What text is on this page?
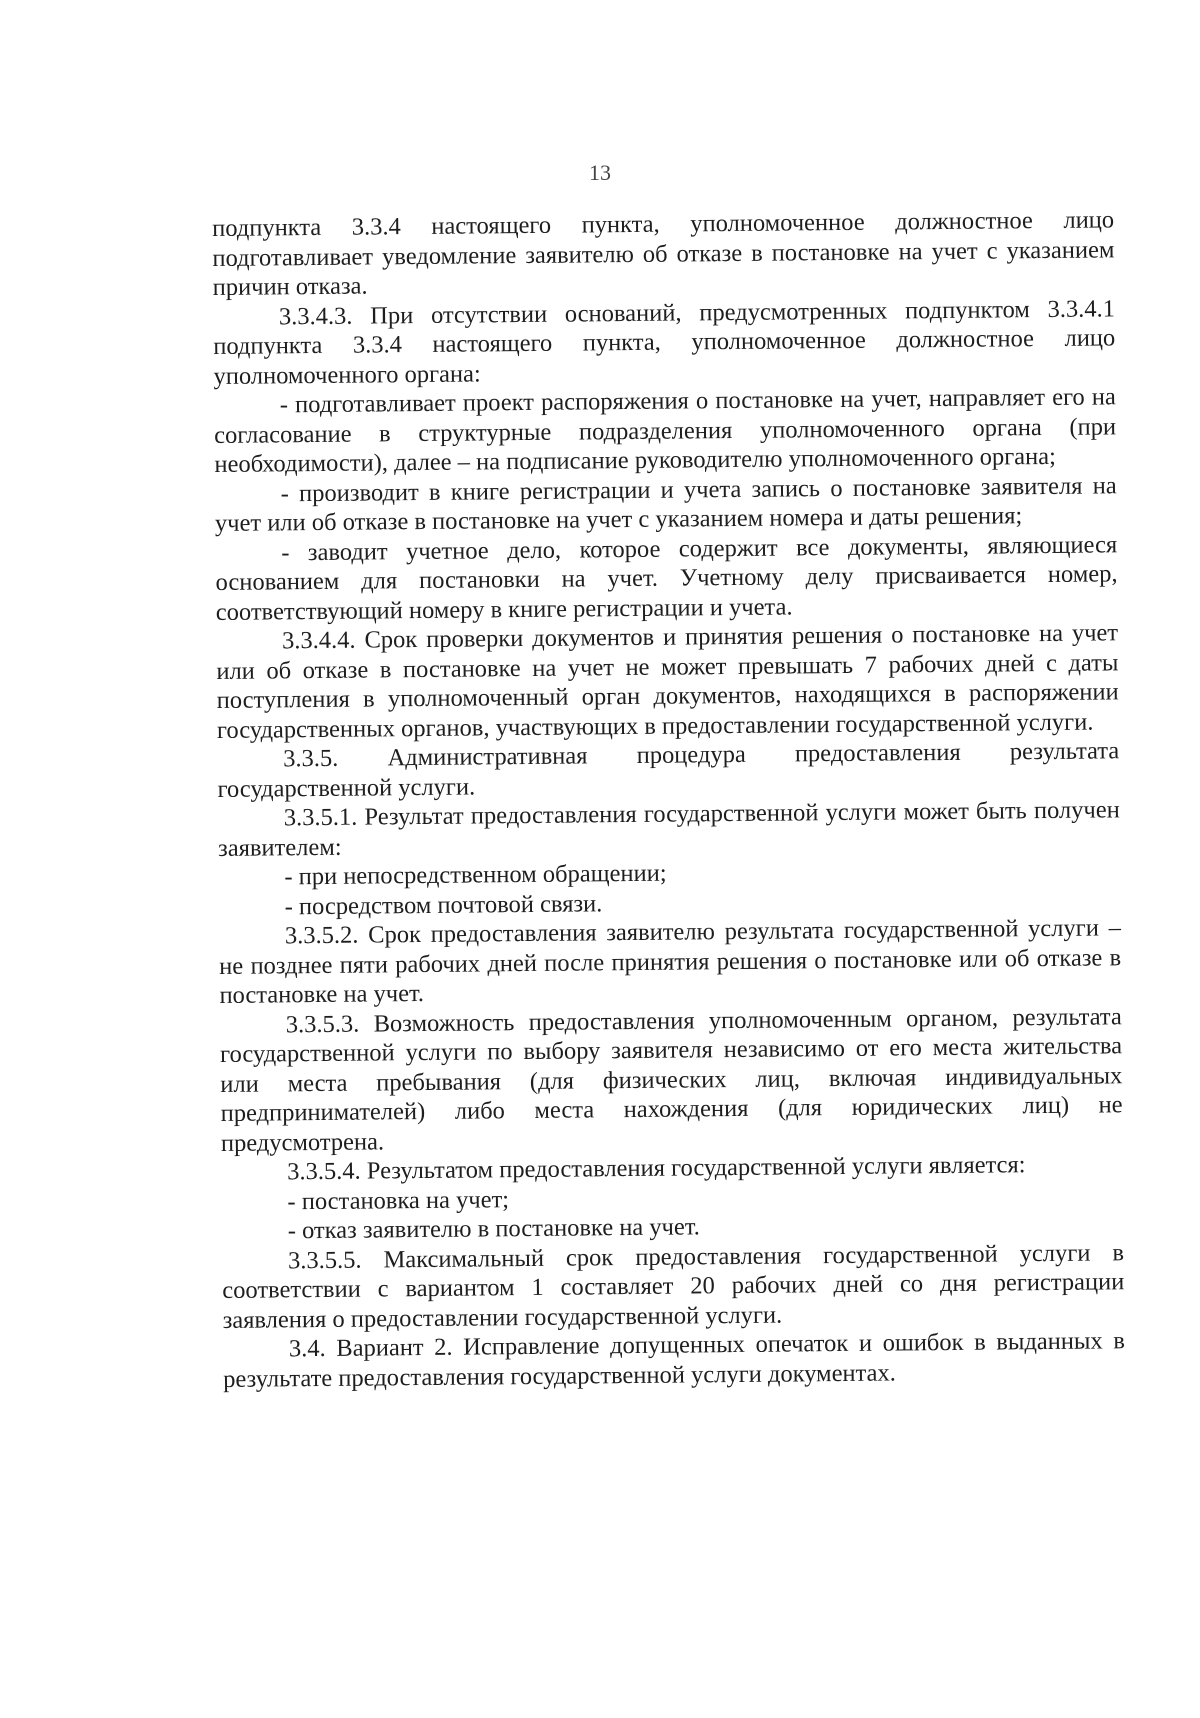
13

подпункта 3.3.4 настоящего пункта, уполномоченное должностное лицо подготавливает уведомление заявителю об отказе в постановке на учет с указанием причин отказа.

3.3.4.3. При отсутствии оснований, предусмотренных подпунктом 3.3.4.1 подпункта 3.3.4 настоящего пункта, уполномоченное должностное лицо уполномоченного органа:

- подготавливает проект распоряжения о постановке на учет, направляет его на согласование в структурные подразделения уполномоченного органа (при необходимости), далее – на подписание руководителю уполномоченного органа;

- производит в книге регистрации и учета запись о постановке заявителя на учет или об отказе в постановке на учет с указанием номера и даты решения;

- заводит учетное дело, которое содержит все документы, являющиеся основанием для постановки на учет. Учетному делу присваивается номер, соответствующий номеру в книге регистрации и учета.

3.3.4.4. Срок проверки документов и принятия решения о постановке на учет или об отказе в постановке на учет не может превышать 7 рабочих дней с даты поступления в уполномоченный орган документов, находящихся в распоряжении государственных органов, участвующих в предоставлении государственной услуги.

3.3.5. Административная процедура предоставления результата государственной услуги.

3.3.5.1. Результат предоставления государственной услуги может быть получен заявителем:

- при непосредственном обращении;

- посредством почтовой связи.

3.3.5.2. Срок предоставления заявителю результата государственной услуги – не позднее пяти рабочих дней после принятия решения о постановке или об отказе в постановке на учет.

3.3.5.3. Возможность предоставления уполномоченным органом, результата государственной услуги по выбору заявителя независимо от его места жительства или места пребывания (для физических лиц, включая индивидуальных предпринимателей) либо места нахождения (для юридических лиц) не предусмотрена.

3.3.5.4. Результатом предоставления государственной услуги является:

- постановка на учет;

- отказ заявителю в постановке на учет.

3.3.5.5. Максимальный срок предоставления государственной услуги в соответствии с вариантом 1 составляет 20 рабочих дней со дня регистрации заявления о предоставлении государственной услуги.

3.4. Вариант 2. Исправление допущенных опечаток и ошибок в выданных в результате предоставления государственной услуги документах.
